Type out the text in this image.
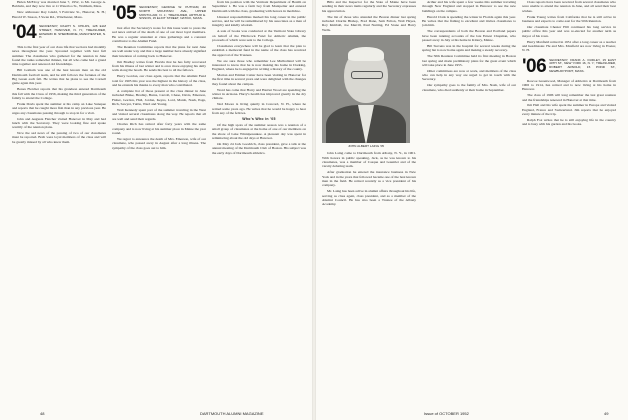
Helen McElroy was married June 7, 1952, to Mr. George A. Baldwin, and they now live at 11 Waterloo St., Waltham, Mass.

New addresses: Ray Gladd, 5 Fairview St., Hanover, N. H.; Harold W. Sisson, 3 Swan Rd., Winchester, Mass.

'04 SECRETARY, RALPH S. CHILDS, 128 ELM STREET, HANOVER, N. H.; TREASURER, EDWARD M. SHERBURNE, MANCHESTER, N. H.

This is the first year of our class life that we have had monthly news throughout the year. Sprouted together with best full summer. The classmates who gathered for the reunion in June found the ranks somewhat thinner, but all who came had a grand time together and renewed old friendships.

Bill Gotham was one of the best known men on the old Dartmouth football team, and he still follows the fortunes of the Big Green each fall. He writes that he plans to see the Cornell game again this year.

Bones Fletcher reports that his grandson entered Dartmouth this fall with the Class of 1956, making the third generation of the family to attend the College.

Frank Davis spent the summer at his camp on Lake Sunapee and reports that he caught more fish than in any previous year. He urges any classmates passing through to stop in for a visit.

John and Augusta Fletcher visited Hanover in May and had lunch with the Secretary. They were looking fine and spoke warmly of the reunion plans.

Now the sad news of the passing of two of our classmates must be reported. Both were loyal members of the class and will be greatly missed by all who knew them.

'05 SECRETARY, GEORGE W. PUTNAM, 40 NORTH MOUNTAIN AVE., UPPER MONTCLAIR, N. J.; TREASURER, ARTHUR E. SISSON, 15 ELIOT STREET, NATICK, MASS.

Just after the Secretary's notes for this issue went to press the sad news arrived of the death of one of our most loyal members. He was a regular attendant at class gatherings and a constant contributor to the Alumni Fund.

The Reunion Committee reports that the plans for next June are well under way and that a large number have already signified their intention of coming back to Hanover.

Jim Bradley writes from Florida that he has fully recovered from his illness of last winter and is once more enjoying his daily walk along the beach. He sends his best to all the fellows.

Harry Gordon, our class agent, reports that the Alumni Fund total for 1905 this year was the highest in the history of the class, and he extends his thanks to every man who contributed.

A complete list of those present at the class dinner in June included Blake, Bradley, Burns, Carroll, Chase, Davis, Emerson, Fisher, Gordon, Hall, Jordan, Keyes, Lord, Marsh, Nash, Page, Rich, Sawyer, Tuttle, Ward and Young.

Walt Kennedy spent part of the summer traveling in the West and visited several classmates along the way. He reports that all are well and send their regards.

Charles Rich has retired after forty years with the same company and is now living at his summer place in Maine the year round.

We regret to announce the death of Mrs. Emerson, wife of our classmate, who passed away in August after a long illness. The sympathy of the class goes out to him.

from his position with the Vermont Department of Health on September 1. He was a farm boy from Montpelier and entered Dartmouth with the class, graduating with honors in medicine.

Unusual responsibilities marked his long career in the public service, and he will be remembered by his associates as a man of integrity and kindly wisdom.

A sale of books was conducted at the Vermont State Library on behalf of the Hitchcock Fund for Athletic Alumni, the proceeds of which were sent to the College.

Classmates everywhere will be glad to learn that the plan to establish a memorial fund in the name of the class has received the approval of the Trustees.

We are sure those who remember Lee Mulholland will be interested to know that he is now making his home in Dorking, England, where he is engaged in writing a history of the county.

Marion and Emmet Cutter have been visiting in Hanover for the first time in several years and were delighted with the changes they found about the campus.

Word has come that Harry and Harriet Wood are spending the winter in Arizona. Harry's health has improved greatly in the dry climate.

Ned Moore is living quietly in Concord, N. H., where he retired some years ago. He writes that he would be happy to hear from any of the fellows.

Who's Who in '05

Of the high spots of the summer season was a reunion of a small group of classmates at the home of one of our members on the shore of Lake Winnipesaukee. A pleasant day was spent in reminiscing about the old days at Hanover.

On May 24 Jack Goodrich, class president, gave a talk at the annual meeting of the Dartmouth Club of Boston. His subject was the early days of Dartmouth athletics.

48	DARTMOUTH ALUMNI MAGAZINE

Bills and the Inspector for the State of Maine have been sending in their news items regularly and the Secretary expresses his appreciation.

The list of those who attended the Boston dinner last spring included Charlie Bishop, Fred Dane, Sam Felton, Walt Hayes, Roy Kimball, Joe Merrill, Paul Nutting, Ed Stone and Harry Wells.

JOHN ALBERT LAING '05

John Laing came to Dartmouth from Albany, N. Y., in 1901. With honors in public speaking, Jack, as he was known to his classmates, was a member of Casque and Gauntlet and of the varsity debating team.

After graduation he entered the insurance business in New York and in the years that followed became one of the best known men in the field. He retired recently as a vice president of his company.

Mr. Laing has been active in alumni affairs throughout his life, serving as class agent, class president, and as a member of the Alumni Council. He has also been a Trustee of the Albany Academy.

Arthur and his wife spent a few weeks this summer traveling through New England and stopped in Hanover to see the new buildings on the campus.

Harold Clark is spending the winter in Florida again this year. He writes that the fishing is excellent and invites classmates to join him.

The correspondents of both the Boston and Portland papers have been running accounts of the late Ernest Chapman, who passed away in July at his home in Kittery, Maine.

Bill Stevens was in the hospital for several weeks during the spring but is now home again and making a steady recovery.

The 50th Reunion Committee held its first meeting in Boston last spring and made preliminary plans for the great event which will take place in June 1955.

Other committees are now at work, and members of the class who can help in any way are urged to get in touch with the Secretary.

Our sympathy goes to the family of Mrs. Nash, wife of our classmate, who died suddenly at their home in September.

Class reports have been received from several classmates who were unable to attend the reunion in June, and all send their best wishes.

Frank Young writes from California that he is still active in business and expects to come east for the 50th Reunion.

Our classmate Chester Hill continued his long service in public office this year and was re-elected for another term as mayor of his town.

Harry Maxfield retired in 1951 after a long career as a teacher and headmaster. He and Mrs. Maxfield are now living in Exeter, N. H.

'06 SECRETARY, FRANK A. DUDLEY, 15 EAST 40TH ST., NEW YORK 16, N. Y.; TREASURER, ROBERT ARNOLD, 15 POND ST., NEWBURYPORT, MASS.

Roscoe Greenwood, Manager of Athletics at Dartmouth from 1906 to 1914, has retired and is now living at his home in Hanover.

The class of 1906 will long remember the last great reunion and the friendships renewed in Hanover at that time.

Jim Hall and his wife spent the summer in Europe and visited England, France and Switzerland. Jim reports that he enjoyed every minute of the trip.

Ralph Fox writes that he is still enjoying life in the country and is busy with his garden and his books.

Issue of OCTOBER 1952	49
